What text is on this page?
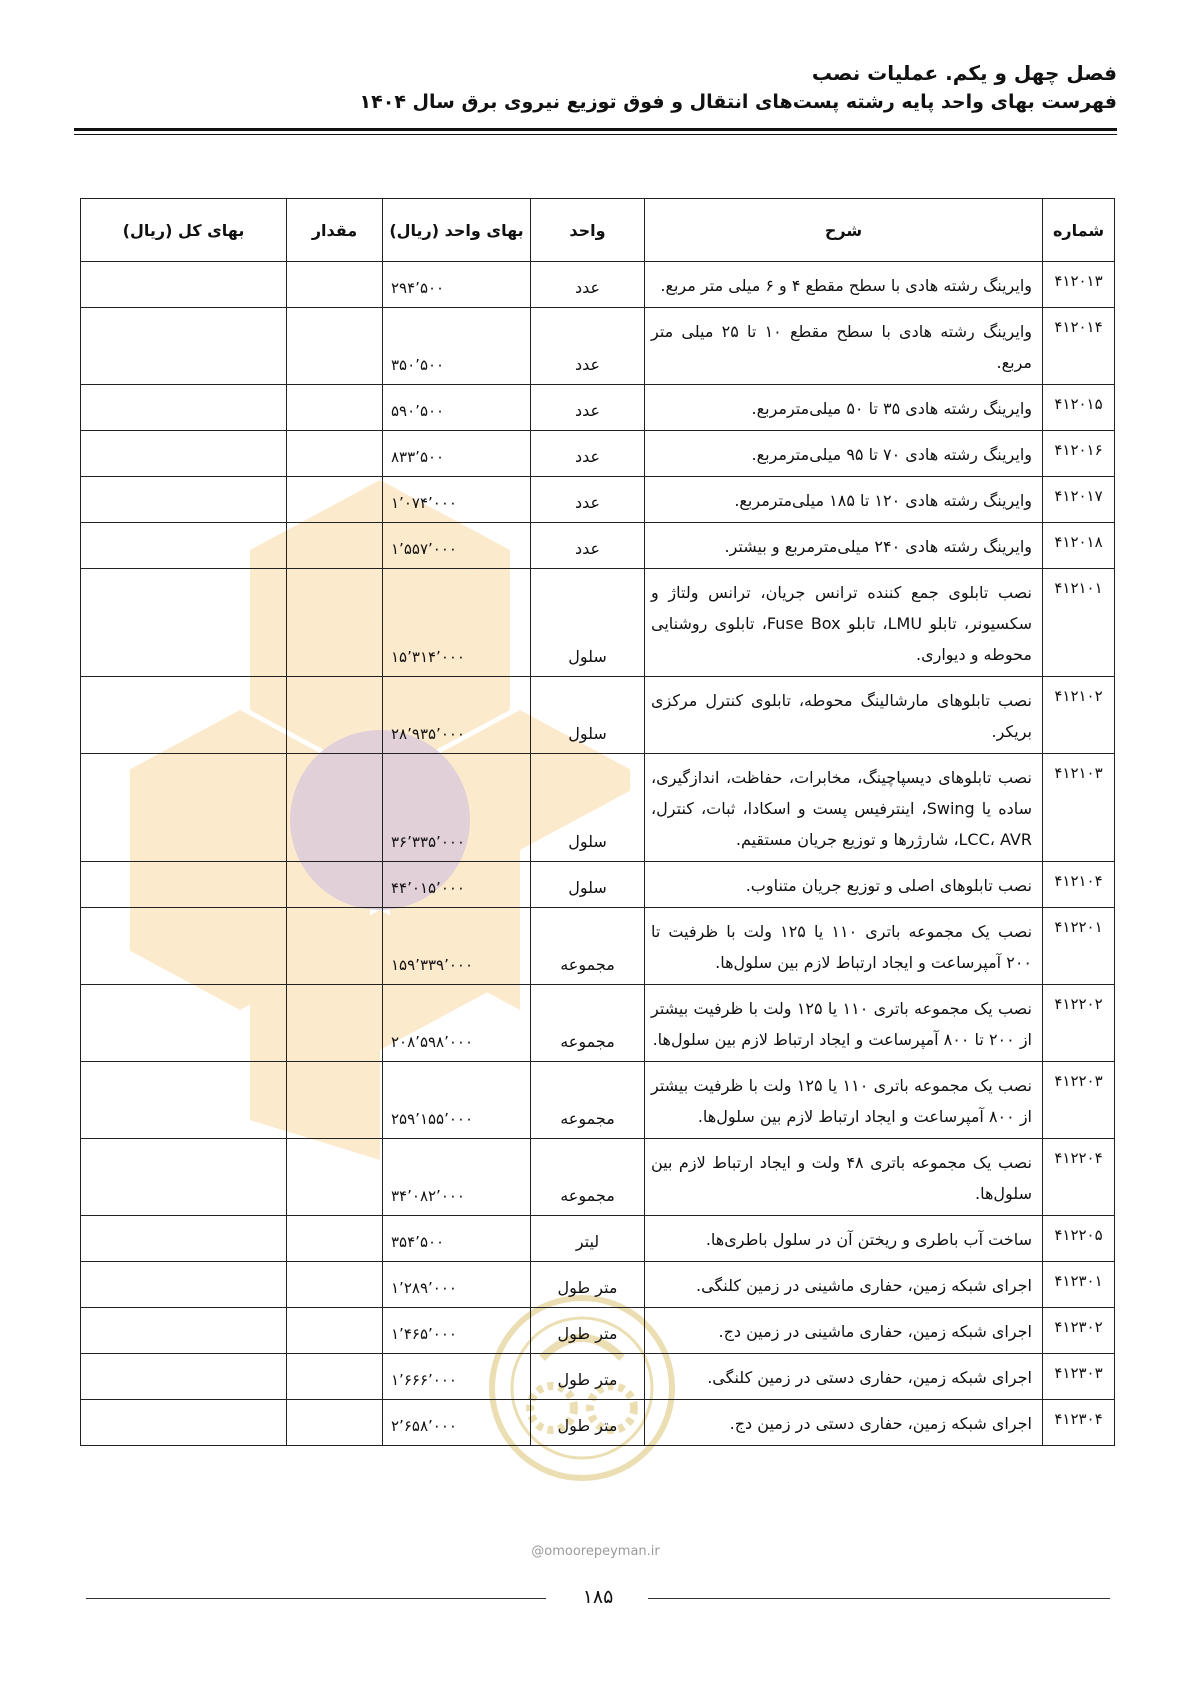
فصل چهل و یکم. عملیات نصب

فهرست بهای واحد پایه رشته پست‌های انتقال و فوق توزیع نیروی برق سال ۱۴۰۴

شماره	شرح	واحد	بهای واحد (ریال)	مقدار	بهای کل (ریال)
۴۱۲۰۱۳	وایرینگ رشته هادی با سطح مقطع ۴ و ۶ میلی متر مربع.	عدد	۲۹۴٬۵۰۰		
۴۱۲۰۱۴	وایرینگ رشته هادی با سطح مقطع ۱۰ تا ۲۵ میلی متر مربع.	عدد	۳۵۰٬۵۰۰		
۴۱۲۰۱۵	وایرینگ رشته هادی ۳۵ تا ۵۰ میلی‌مترمربع.	عدد	۵۹۰٬۵۰۰		
۴۱۲۰۱۶	وایرینگ رشته هادی ۷۰ تا ۹۵ میلی‌مترمربع.	عدد	۸۳۳٬۵۰۰		
۴۱۲۰۱۷	وایرینگ رشته هادی ۱۲۰ تا ۱۸۵ میلی‌مترمربع.	عدد	۱٬۰۷۴٬۰۰۰		
۴۱۲۰۱۸	وایرینگ رشته هادی ۲۴۰ میلی‌مترمربع و بیشتر.	عدد	۱٬۵۵۷٬۰۰۰		
۴۱۲۱۰۱	نصب تابلوی جمع کننده ترانس جریان، ترانس ولتاژ و سکسیونر، تابلو LMU، تابلو Fuse Box، تابلوی روشنایی محوطه و دیواری.	سلول	۱۵٬۳۱۴٬۰۰۰		
۴۱۲۱۰۲	نصب تابلوهای مارشالینگ محوطه، تابلوی کنترل مرکزی بریکر.	سلول	۲۸٬۹۳۵٬۰۰۰		
۴۱۲۱۰۳	نصب تابلوهای دیسپاچینگ، مخابرات، حفاظت، اندازگیری، ساده یا Swing، اینترفیس پست و اسکادا، ثبات، کنترل، LCC، AVR، شارژرها و توزیع جریان مستقیم.	سلول	۳۶٬۳۳۵٬۰۰۰		
۴۱۲۱۰۴	نصب تابلوهای اصلی و توزیع جریان متناوب.	سلول	۴۴٬۰۱۵٬۰۰۰		
۴۱۲۲۰۱	نصب یک مجموعه باتری ۱۱۰ یا ۱۲۵ ولت با ظرفیت تا ۲۰۰ آمپرساعت و ایجاد ارتباط لازم بین سلول‌ها.	مجموعه	۱۵۹٬۳۳۹٬۰۰۰		
۴۱۲۲۰۲	نصب یک مجموعه باتری ۱۱۰ یا ۱۲۵ ولت با ظرفیت بیشتر از ۲۰۰ تا ۸۰۰ آمپرساعت و ایجاد ارتباط لازم بین سلول‌ها.	مجموعه	۲۰۸٬۵۹۸٬۰۰۰		
۴۱۲۲۰۳	نصب یک مجموعه باتری ۱۱۰ یا ۱۲۵ ولت با ظرفیت بیشتر از ۸۰۰ آمپرساعت و ایجاد ارتباط لازم بین سلول‌ها.	مجموعه	۲۵۹٬۱۵۵٬۰۰۰		
۴۱۲۲۰۴	نصب یک مجموعه باتری ۴۸ ولت و ایجاد ارتباط لازم بین سلول‌ها.	مجموعه	۳۴٬۰۸۲٬۰۰۰		
۴۱۲۲۰۵	ساخت آب باطری و ریختن آن در سلول باطری‌ها.	لیتر	۳۵۴٬۵۰۰		
۴۱۲۳۰۱	اجرای شبکه زمین، حفاری ماشینی در زمین کلنگی.	متر طول	۱٬۲۸۹٬۰۰۰		
۴۱۲۳۰۲	اجرای شبکه زمین، حفاری ماشینی در زمین دج.	متر طول	۱٬۴۶۵٬۰۰۰		
۴۱۲۳۰۳	اجرای شبکه زمین، حفاری دستی در زمین کلنگی.	متر طول	۱٬۶۶۶٬۰۰۰		
۴۱۲۳۰۴	اجرای شبکه زمین، حفاری دستی در زمین دج.	متر طول	۲٬۶۵۸٬۰۰۰		
@omoorepeyman.ir
۱۸۵
